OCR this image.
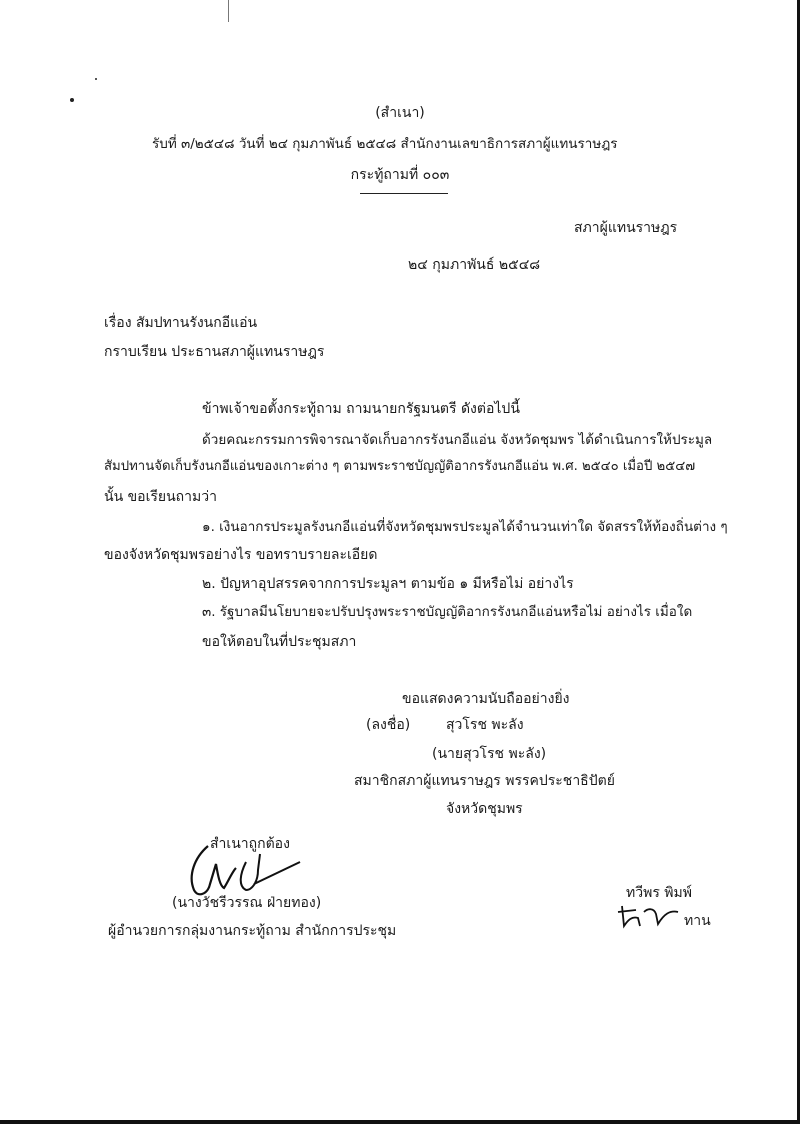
(สำเนา)
รับที่ ๓/๒๕๔๘ วันที่ ๒๔ กุมภาพันธ์ ๒๕๔๘ สำนักงานเลขาธิการสภาผู้แทนราษฎร
กระทู้ถามที่ ๐๐๓
สภาผู้แทนราษฎร
๒๔ กุมภาพันธ์ ๒๕๔๘
เรื่อง สัมปทานรังนกอีแอ่น
กราบเรียน ประธานสภาผู้แทนราษฎร
ข้าพเจ้าขอตั้งกระทู้ถาม ถามนายกรัฐมนตรี ดังต่อไปนี้
ด้วยคณะกรรมการพิจารณาจัดเก็บอากรรังนกอีแอ่น จังหวัดชุมพร ได้ดำเนินการให้ประมูล
สัมปทานจัดเก็บรังนกอีแอ่นของเกาะต่าง ๆ ตามพระราชบัญญัติอากรรังนกอีแอ่น พ.ศ. ๒๕๔๐ เมื่อปี ๒๕๔๗
นั้น ขอเรียนถามว่า
๑. เงินอากรประมูลรังนกอีแอ่นที่จังหวัดชุมพรประมูลได้จำนวนเท่าใด จัดสรรให้ท้องถิ่นต่าง ๆ
ของจังหวัดชุมพรอย่างไร ขอทราบรายละเอียด
๒. ปัญหาอุปสรรคจากการประมูลฯ ตามข้อ ๑ มีหรือไม่ อย่างไร
๓. รัฐบาลมีนโยบายจะปรับปรุงพระราชบัญญัติอากรรังนกอีแอ่นหรือไม่ อย่างไร เมื่อใด
ขอให้ตอบในที่ประชุมสภา
ขอแสดงความนับถืออย่างยิ่ง
(ลงชื่อ)	สุวโรช พะลัง
(นายสุวโรช พะลัง)
สมาชิกสภาผู้แทนราษฎร พรรคประชาธิปัตย์
จังหวัดชุมพร
สำเนาถูกต้อง
(นางวัชรีวรรณ ฝ่ายทอง)
ผู้อำนวยการกลุ่มงานกระทู้ถาม สำนักการประชุม
ทวีพร พิมพ์
ทาน
